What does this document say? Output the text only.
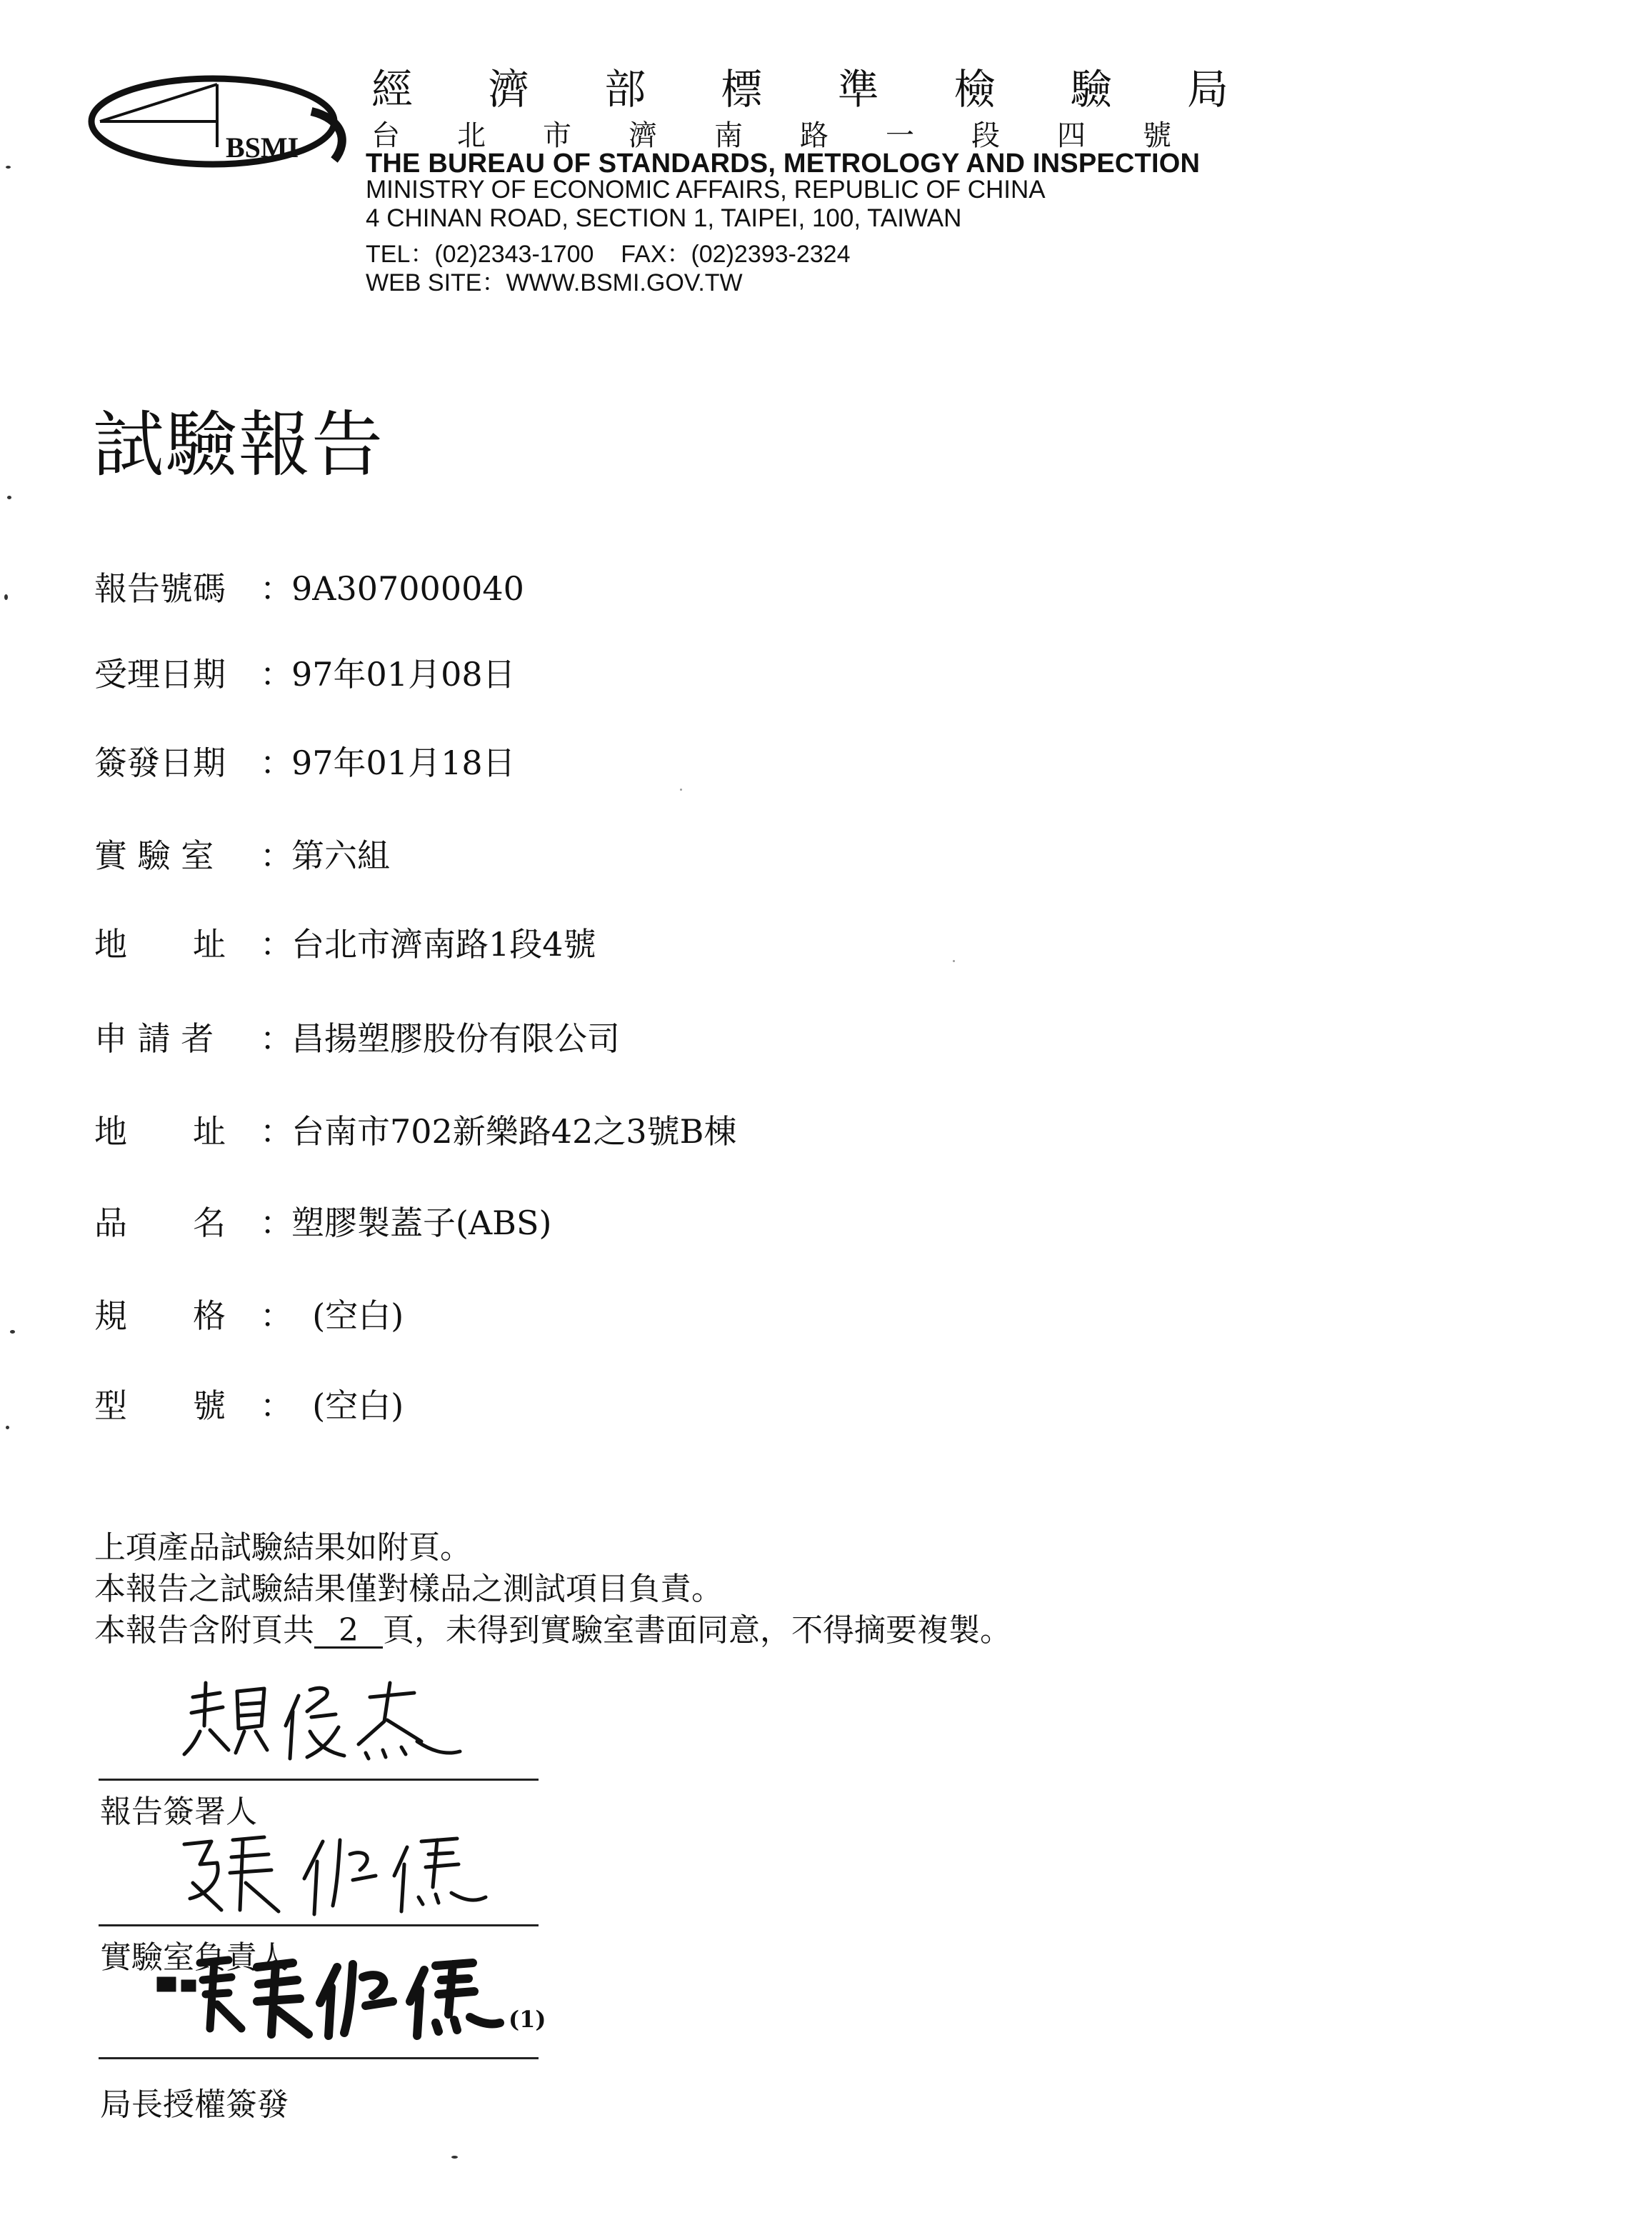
BSMI
經 濟 部 標 準 檢 驗 局
台 北 市 濟 南 路 一 段 四 號
THE BUREAU OF STANDARDS, METROLOGY AND INSPECTION
MINISTRY OF ECONOMIC AFFAIRS, REPUBLIC OF CHINA
4 CHINAN ROAD, SECTION 1, TAIPEI, 100, TAIWAN
TEL：(02)2343-1700    FAX：(02)2393-2324
WEB SITE：WWW.BSMI.GOV.TW
試驗報告
報告號碼	：
9A307000040
受理日期	：
97年01月08日
簽發日期	：
97年01月18日
實 驗 室	：
第六組
地　　址	：
台北市濟南路1段4號
申 請 者	：
昌揚塑膠股份有限公司
地　　址	：
台南市702新樂路42之3號B棟
品　　名	：
塑膠製蓋子(ABS)
規　　格	：
(空白)
型　　號	：
(空白)
上項產品試驗結果如附頁。
本報告之試驗結果僅對樣品之測試項目負責。
本報告含附頁共 2 頁，未得到實驗室書面同意，不得摘要複製。
報告簽署人
實驗室負責人
(1)
局長授權簽發
